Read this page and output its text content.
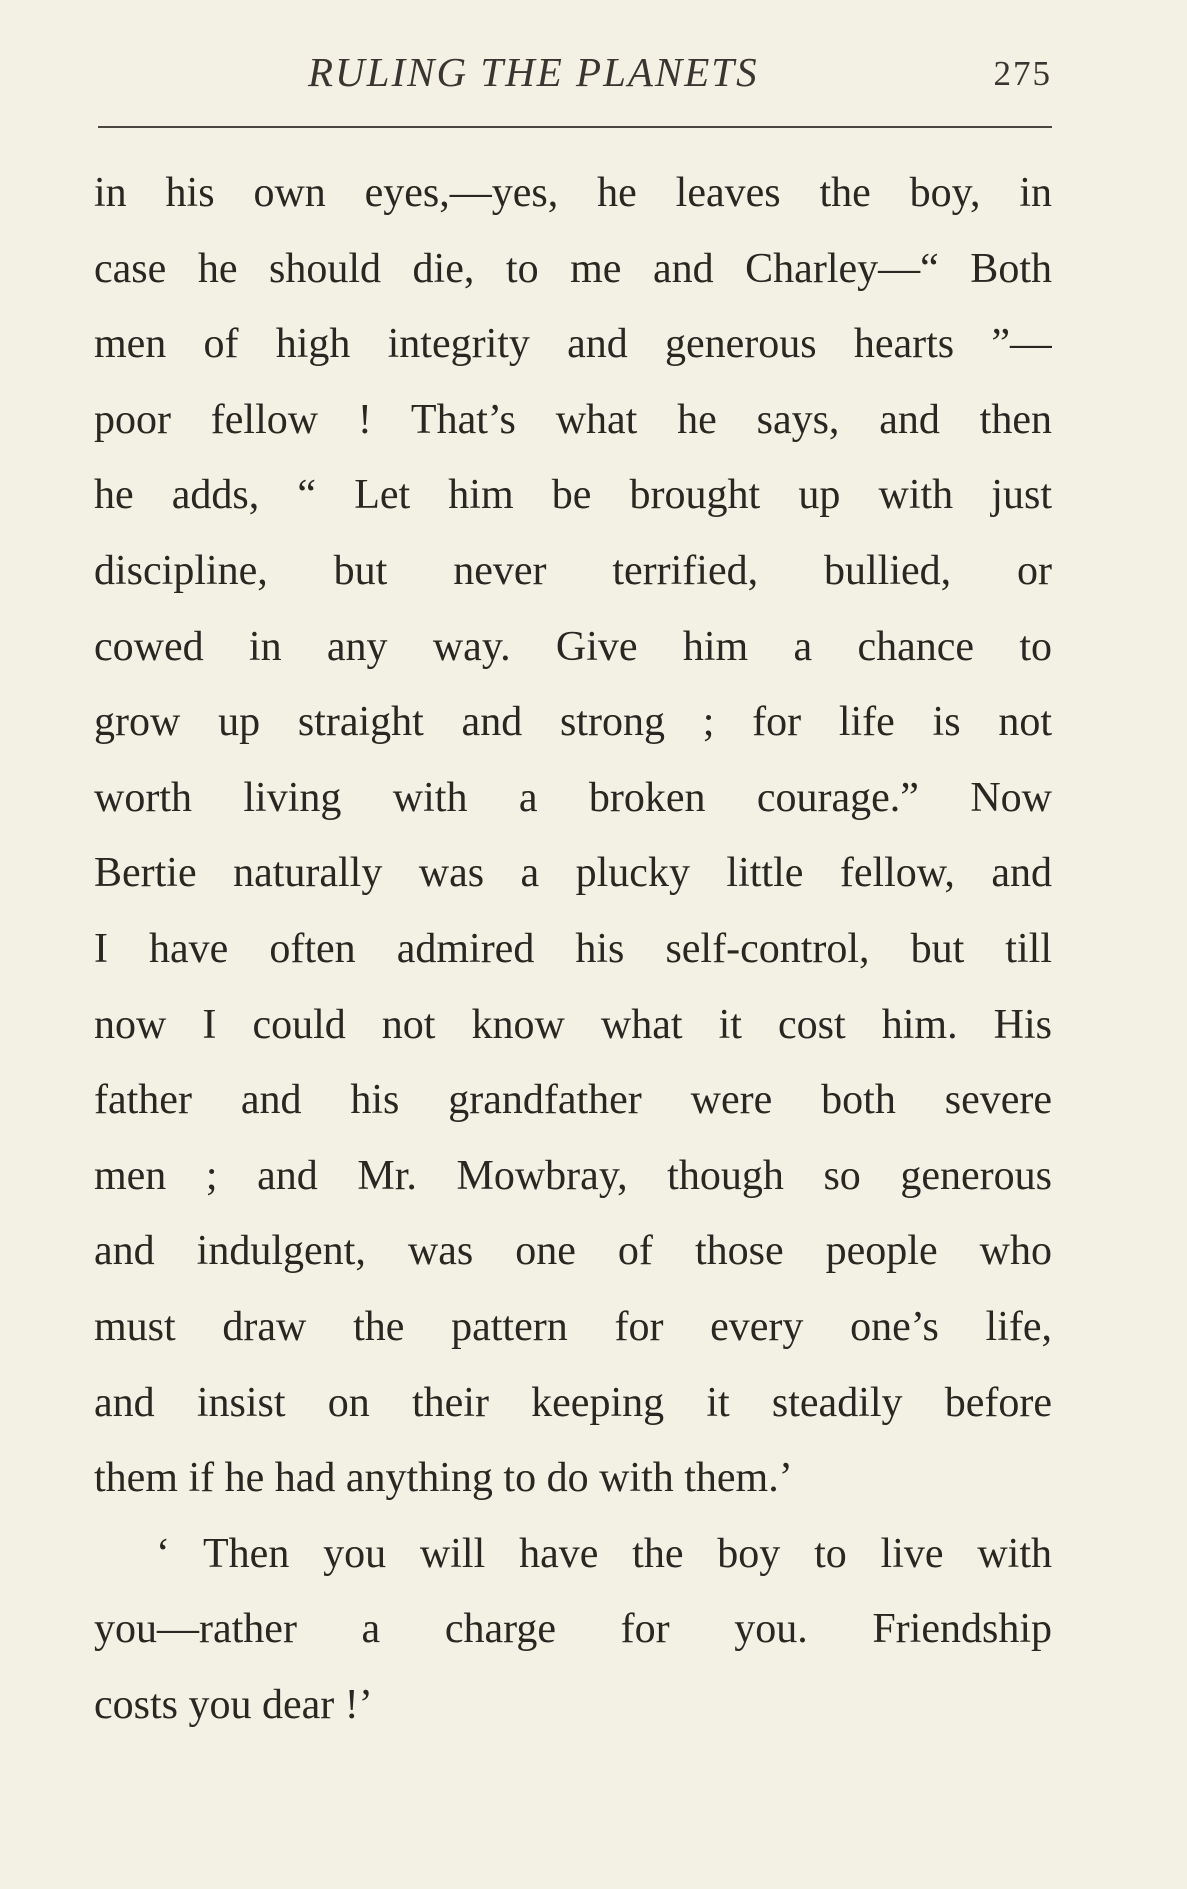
RULING THE PLANETS	275
in his own eyes,—yes, he leaves the boy, in
case he should die, to me and Charley—“ Both
men of high integrity and generous hearts ”—
poor fellow ! That’s what he says, and then
he adds, “ Let him be brought up with just
discipline, but never terrified, bullied, or
cowed in any way. Give him a chance to
grow up straight and strong ; for life is not
worth living with a broken courage.” Now
Bertie naturally was a plucky little fellow, and
I have often admired his self-control, but till
now I could not know what it cost him. His
father and his grandfather were both severe
men ; and Mr. Mowbray, though so generous
and indulgent, was one of those people who
must draw the pattern for every one’s life,
and insist on their keeping it steadily before
them if he had anything to do with them.’
‘ Then you will have the boy to live with
you—rather a charge for you. Friendship
costs you dear !’
